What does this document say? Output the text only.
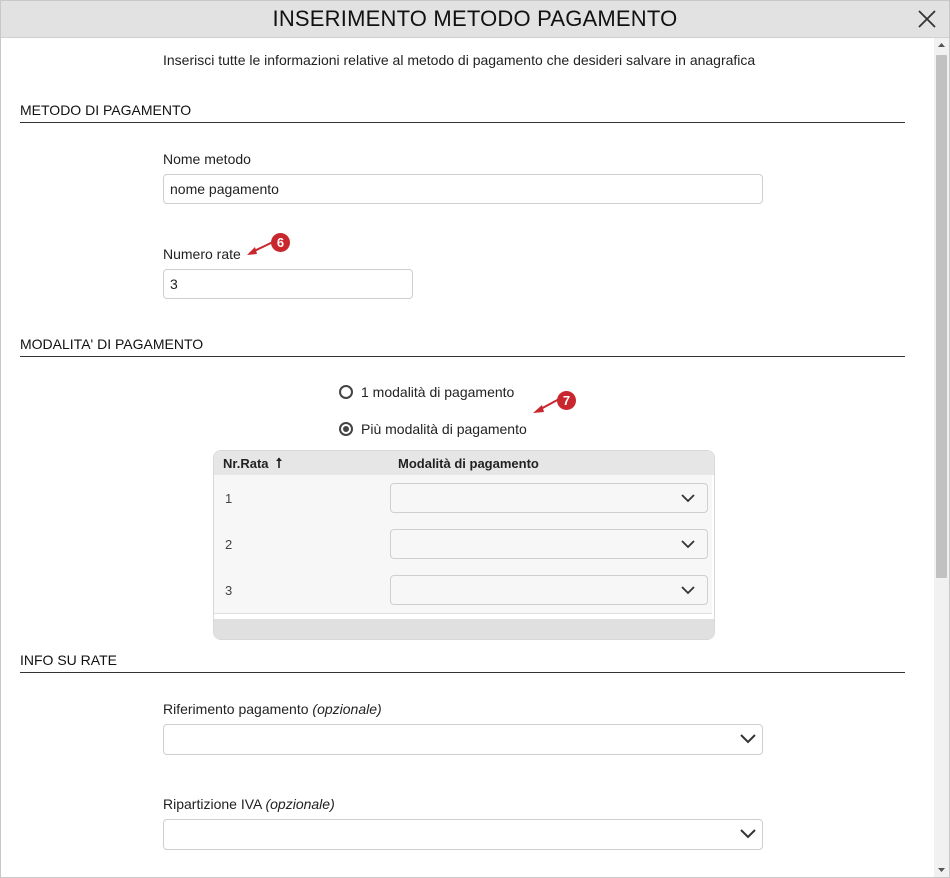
INSERIMENTO METODO PAGAMENTO
Inserisci tutte le informazioni relative al metodo di pagamento che desideri salvare in anagrafica
METODO DI PAGAMENTO
Nome metodo
nome pagamento
Numero rate
6
3
MODALITA' DI PAGAMENTO
1 modalità di pagamento
Più modalità di pagamento
7
Nr.Rata	Modalità di pagamento
1
2
3
INFO SU RATE
Riferimento pagamento (opzionale)
Ripartizione IVA (opzionale)
